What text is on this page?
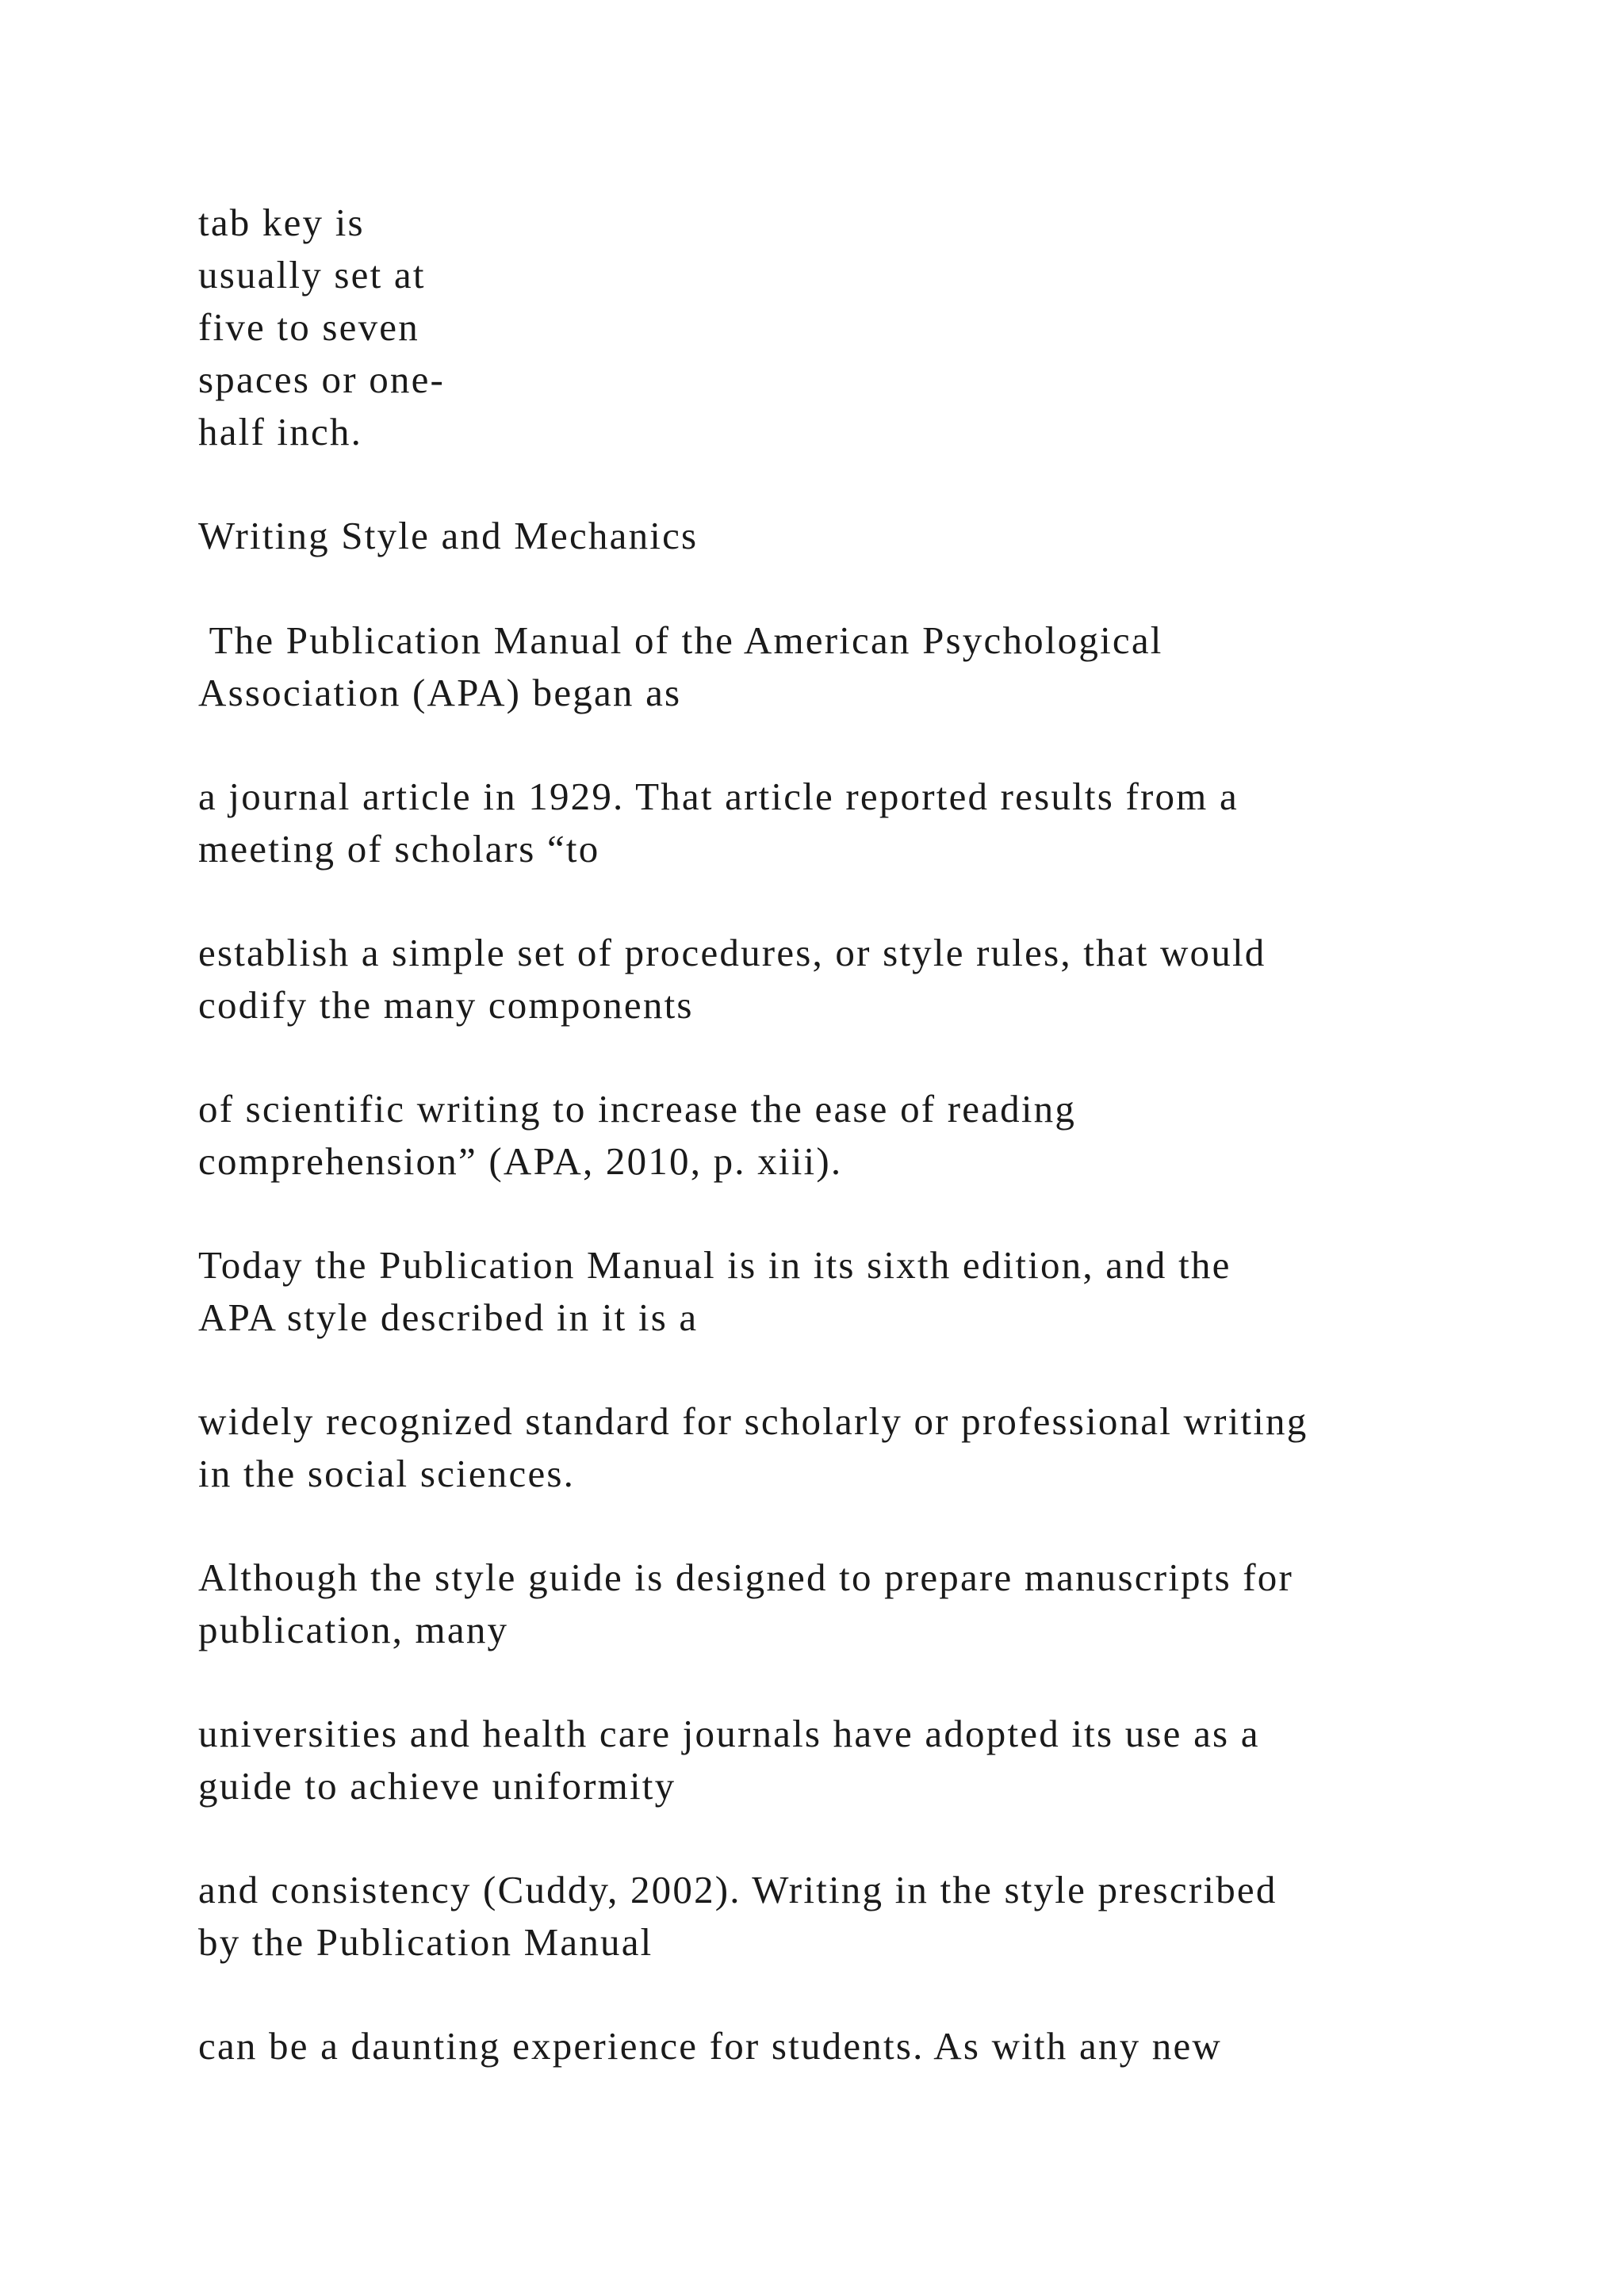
tab key is

usually set at

five to seven

spaces or one-

half inch.

Writing Style and Mechanics

The Publication Manual of the American Psychological

Association (APA) began as

a journal article in 1929. That article reported results from a

meeting of scholars “to

establish a simple set of procedures, or style rules, that would

codify the many components

of scientific writing to increase the ease of reading

comprehension” (APA, 2010, p. xiii).

Today the Publication Manual is in its sixth edition, and the

APA style described in it is a

widely recognized standard for scholarly or professional writing

in the social sciences.

Although the style guide is designed to prepare manuscripts for

publication, many

universities and health care journals have adopted its use as a

guide to achieve uniformity

and consistency (Cuddy, 2002). Writing in the style prescribed

by the Publication Manual

can be a daunting experience for students. As with any new
